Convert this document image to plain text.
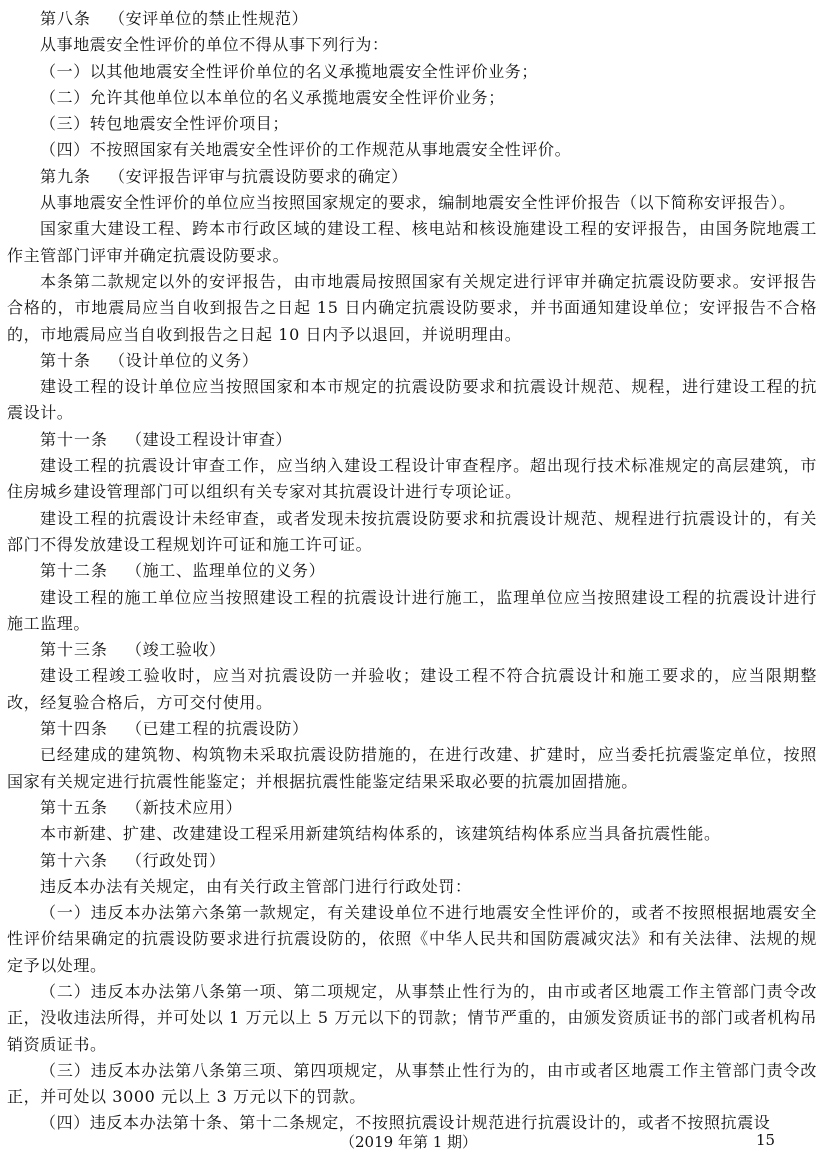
第八条 （安评单位的禁止性规范）

从事地震安全性评价的单位不得从事下列行为：

（一）以其他地震安全性评价单位的名义承揽地震安全性评价业务；

（二）允许其他单位以本单位的名义承揽地震安全性评价业务；

（三）转包地震安全性评价项目；

（四）不按照国家有关地震安全性评价的工作规范从事地震安全性评价。

第九条 （安评报告评审与抗震设防要求的确定）

从事地震安全性评价的单位应当按照国家规定的要求，编制地震安全性评价报告（以下简称安评报告）。

国家重大建设工程、跨本市行政区域的建设工程、核电站和核设施建设工程的安评报告，由国务院地震工作主管部门评审并确定抗震设防要求。

本条第二款规定以外的安评报告，由市地震局按照国家有关规定进行评审并确定抗震设防要求。安评报告合格的，市地震局应当自收到报告之日起 15 日内确定抗震设防要求，并书面通知建设单位；安评报告不合格的，市地震局应当自收到报告之日起 10 日内予以退回，并说明理由。

第十条 （设计单位的义务）

建设工程的设计单位应当按照国家和本市规定的抗震设防要求和抗震设计规范、规程，进行建设工程的抗震设计。

第十一条 （建设工程设计审查）

建设工程的抗震设计审查工作，应当纳入建设工程设计审查程序。超出现行技术标准规定的高层建筑，市住房城乡建设管理部门可以组织有关专家对其抗震设计进行专项论证。

建设工程的抗震设计未经审查，或者发现未按抗震设防要求和抗震设计规范、规程进行抗震设计的，有关部门不得发放建设工程规划许可证和施工许可证。

第十二条 （施工、监理单位的义务）

建设工程的施工单位应当按照建设工程的抗震设计进行施工，监理单位应当按照建设工程的抗震设计进行施工监理。

第十三条 （竣工验收）

建设工程竣工验收时，应当对抗震设防一并验收；建设工程不符合抗震设计和施工要求的，应当限期整改，经复验合格后，方可交付使用。

第十四条 （已建工程的抗震设防）

已经建成的建筑物、构筑物未采取抗震设防措施的，在进行改建、扩建时，应当委托抗震鉴定单位，按照国家有关规定进行抗震性能鉴定；并根据抗震性能鉴定结果采取必要的抗震加固措施。

第十五条 （新技术应用）

本市新建、扩建、改建建设工程采用新建筑结构体系的，该建筑结构体系应当具备抗震性能。

第十六条 （行政处罚）

违反本办法有关规定，由有关行政主管部门进行行政处罚：

（一）违反本办法第六条第一款规定，有关建设单位不进行地震安全性评价的，或者不按照根据地震安全性评价结果确定的抗震设防要求进行抗震设防的，依照《中华人民共和国防震减灾法》和有关法律、法规的规定予以处理。

（二）违反本办法第八条第一项、第二项规定，从事禁止性行为的，由市或者区地震工作主管部门责令改正，没收违法所得，并可处以 1 万元以上 5 万元以下的罚款；情节严重的，由颁发资质证书的部门或者机构吊销资质证书。

（三）违反本办法第八条第三项、第四项规定，从事禁止性行为的，由市或者区地震工作主管部门责令改正，并可处以 3000 元以上 3 万元以下的罚款。

（四）违反本办法第十条、第十二条规定，不按照抗震设计规范进行抗震设计的，或者不按照抗震设

（2019 年第 1 期）	15
